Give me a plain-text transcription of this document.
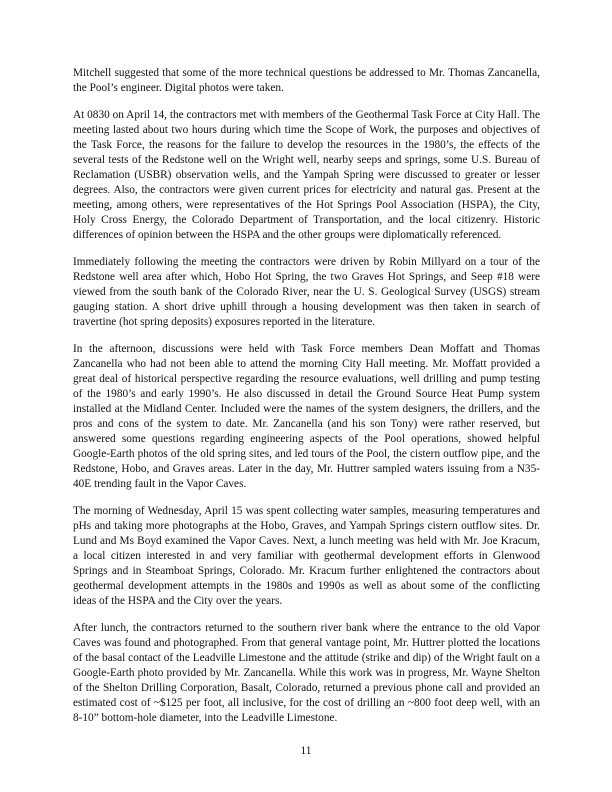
Mitchell suggested that some of the more technical questions be addressed to Mr. Thomas Zancanella, the Pool’s engineer. Digital photos were taken.

At 0830 on April 14, the contractors met with members of the Geothermal Task Force at City Hall. The meeting lasted about two hours during which time the Scope of Work, the purposes and objectives of the Task Force, the reasons for the failure to develop the resources in the 1980’s, the effects of the several tests of the Redstone well on the Wright well, nearby seeps and springs, some U.S. Bureau of Reclamation (USBR) observation wells, and the Yampah Spring were discussed to greater or lesser degrees. Also, the contractors were given current prices for electricity and natural gas. Present at the meeting, among others, were representatives of the Hot Springs Pool Association (HSPA), the City, Holy Cross Energy, the Colorado Department of Transportation, and the local citizenry. Historic differences of opinion between the HSPA and the other groups were diplomatically referenced.

Immediately following the meeting the contractors were driven by Robin Millyard on a tour of the Redstone well area after which, Hobo Hot Spring, the two Graves Hot Springs, and Seep #18 were viewed from the south bank of the Colorado River, near the U. S. Geological Survey (USGS) stream gauging station. A short drive uphill through a housing development was then taken in search of travertine (hot spring deposits) exposures reported in the literature.

In the afternoon, discussions were held with Task Force members Dean Moffatt and Thomas Zancanella who had not been able to attend the morning City Hall meeting. Mr. Moffatt provided a great deal of historical perspective regarding the resource evaluations, well drilling and pump testing of the 1980’s and early 1990’s. He also discussed in detail the Ground Source Heat Pump system installed at the Midland Center. Included were the names of the system designers, the drillers, and the pros and cons of the system to date. Mr. Zancanella (and his son Tony) were rather reserved, but answered some questions regarding engineering aspects of the Pool operations, showed helpful Google-Earth photos of the old spring sites, and led tours of the Pool, the cistern outflow pipe, and the Redstone, Hobo, and Graves areas. Later in the day, Mr. Huttrer sampled waters issuing from a N35-40E trending fault in the Vapor Caves.

The morning of Wednesday, April 15 was spent collecting water samples, measuring temperatures and pHs and taking more photographs at the Hobo, Graves, and Yampah Springs cistern outflow sites. Dr. Lund and Ms Boyd examined the Vapor Caves. Next, a lunch meeting was held with Mr. Joe Kracum, a local citizen interested in and very familiar with geothermal development efforts in Glenwood Springs and in Steamboat Springs, Colorado. Mr. Kracum further enlightened the contractors about geothermal development attempts in the 1980s and 1990s as well as about some of the conflicting ideas of the HSPA and the City over the years.

After lunch, the contractors returned to the southern river bank where the entrance to the old Vapor Caves was found and photographed. From that general vantage point, Mr. Huttrer plotted the locations of the basal contact of the Leadville Limestone and the attitude (strike and dip) of the Wright fault on a Google-Earth photo provided by Mr. Zancanella. While this work was in progress, Mr. Wayne Shelton of the Shelton Drilling Corporation, Basalt, Colorado, returned a previous phone call and provided an estimated cost of ~$125 per foot, all inclusive, for the cost of drilling an ~800 foot deep well, with an 8-10” bottom-hole diameter, into the Leadville Limestone.

11
